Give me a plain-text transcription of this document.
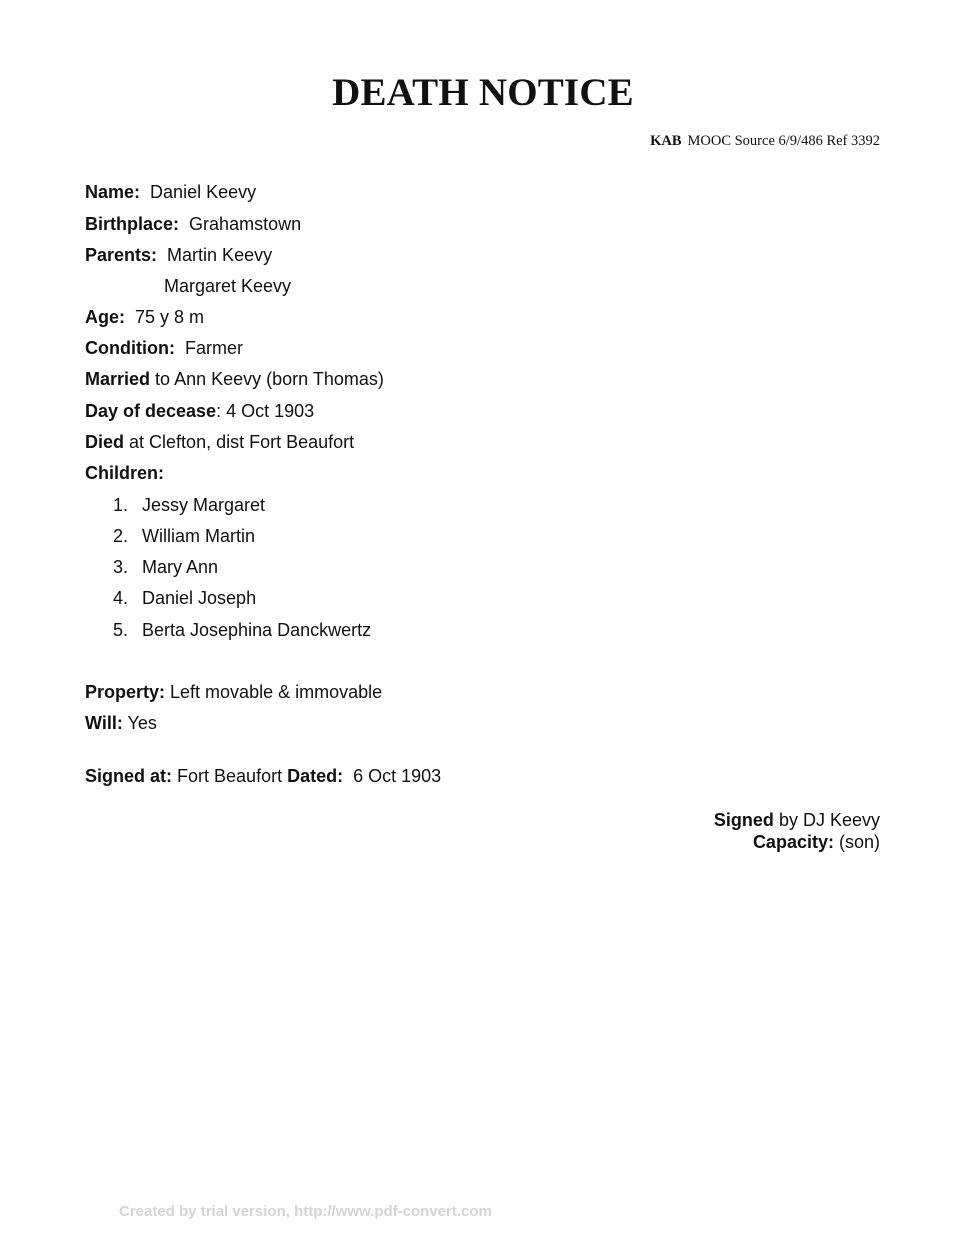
DEATH NOTICE
KAB MOOC Source 6/9/486 Ref 3392
Name: Daniel Keevy
Birthplace: Grahamstown
Parents: Martin Keevy
Margaret Keevy
Age: 75 y 8 m
Condition: Farmer
Married to Ann Keevy (born Thomas)
Day of decease: 4 Oct 1903
Died at Clefton, dist Fort Beaufort
Children:
1. Jessy Margaret
2. William Martin
3. Mary Ann
4. Daniel Joseph
5. Berta Josephina Danckwertz
Property: Left movable & immovable
Will: Yes
Signed at: Fort Beaufort Dated: 6 Oct 1903
Signed by DJ Keevy
Capacity: (son)
Created by trial version, http://www.pdf-convert.com
